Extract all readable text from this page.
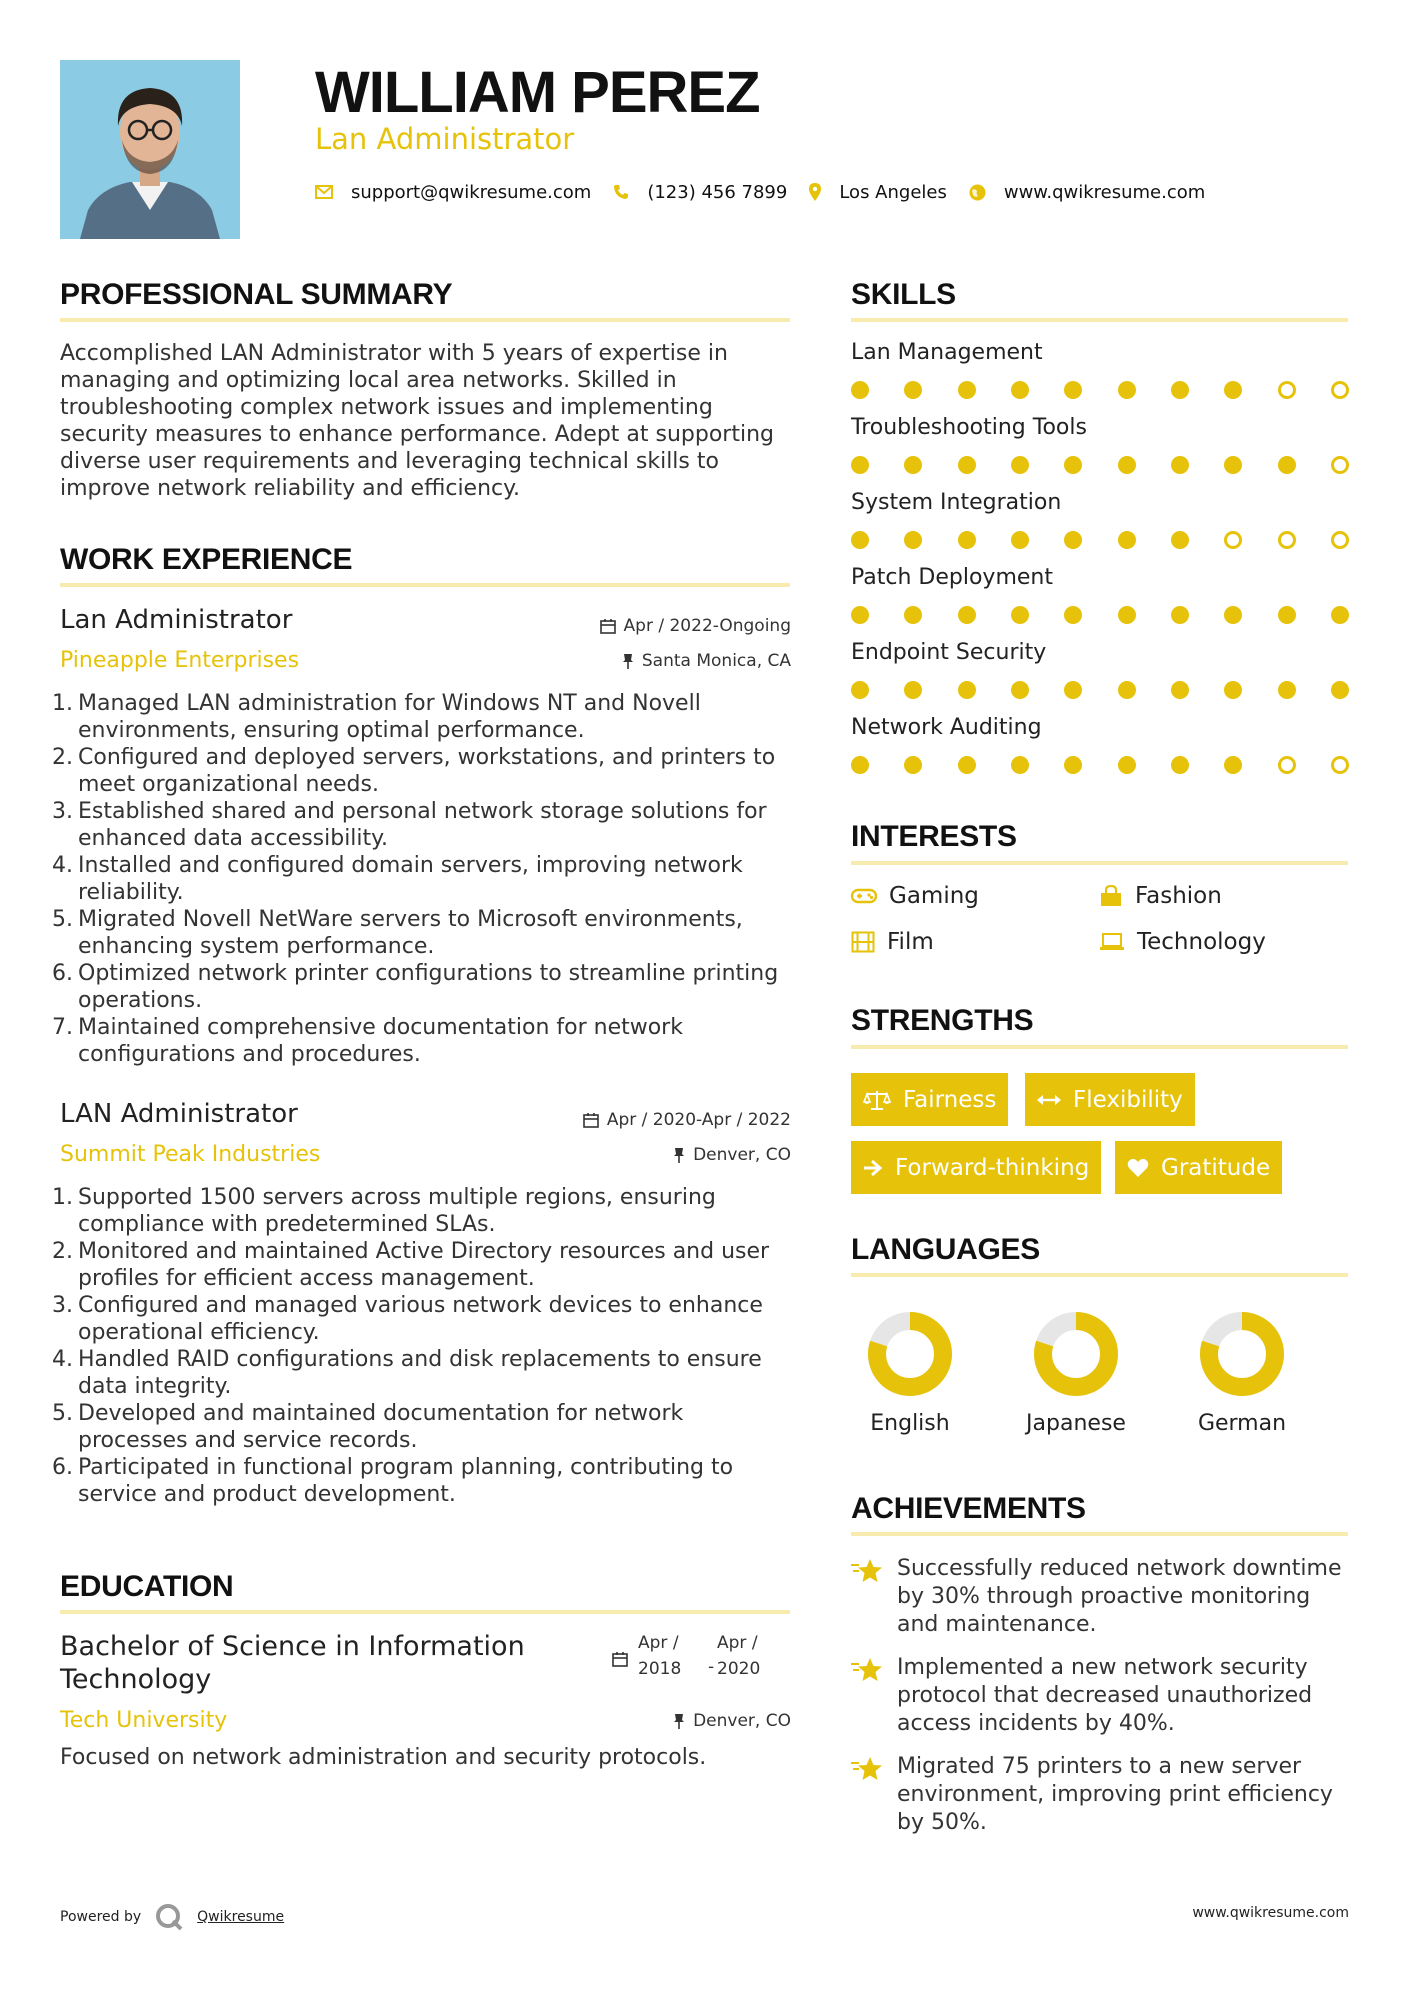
WILLIAM PEREZ
Lan Administrator
support@qwikresume.com	(123) 456 7899	Los Angeles	www.qwikresume.com
PROFESSIONAL SUMMARY

Accomplished LAN Administrator with 5 years of expertise in managing and optimizing local area networks. Skilled in troubleshooting complex network issues and implementing security measures to enhance performance. Adept at supporting diverse user requirements and leveraging technical skills to improve network reliability and efficiency.

WORK EXPERIENCE
Lan Administrator	Apr / 2022-Ongoing
Pineapple Enterprises	Santa Monica, CA
1. Managed LAN administration for Windows NT and Novell environments, ensuring optimal performance.
2. Configured and deployed servers, workstations, and printers to meet organizational needs.
3. Established shared and personal network storage solutions for enhanced data accessibility.
4. Installed and configured domain servers, improving network reliability.
5. Migrated Novell NetWare servers to Microsoft environments, enhancing system performance.
6. Optimized network printer configurations to streamline printing operations.
7. Maintained comprehensive documentation for network configurations and procedures.
LAN Administrator	Apr / 2020-Apr / 2022
Summit Peak Industries	Denver, CO
1. Supported 1500 servers across multiple regions, ensuring compliance with predetermined SLAs.
2. Monitored and maintained Active Directory resources and user profiles for efficient access management.
3. Configured and managed various network devices to enhance operational efficiency.
4. Handled RAID configurations and disk replacements to ensure data integrity.
5. Developed and maintained documentation for network processes and service records.
6. Participated in functional program planning, contributing to service and product development.
EDUCATION
Bachelor of Science in Information Technology
Apr / 2018 -
Apr / 2020
Tech University	Denver, CO

Focused on network administration and security protocols.

SKILLS
Lan Management
Troubleshooting Tools
System Integration
Patch Deployment
Endpoint Security
Network Auditing
INTERESTS
Gaming	Fashion
Film	Technology
STRENGTHS
Fairness	Flexibility
Forward-thinking	Gratitude
LANGUAGES
English	Japanese	German
ACHIEVEMENTS

Successfully reduced network downtime by 30% through proactive monitoring and maintenance.

Implemented a new network security protocol that decreased unauthorized access incidents by 40%.

Migrated 75 printers to a new server environment, improving print efficiency by 50%.

Powered by	Qwikresume	www.qwikresume.com
